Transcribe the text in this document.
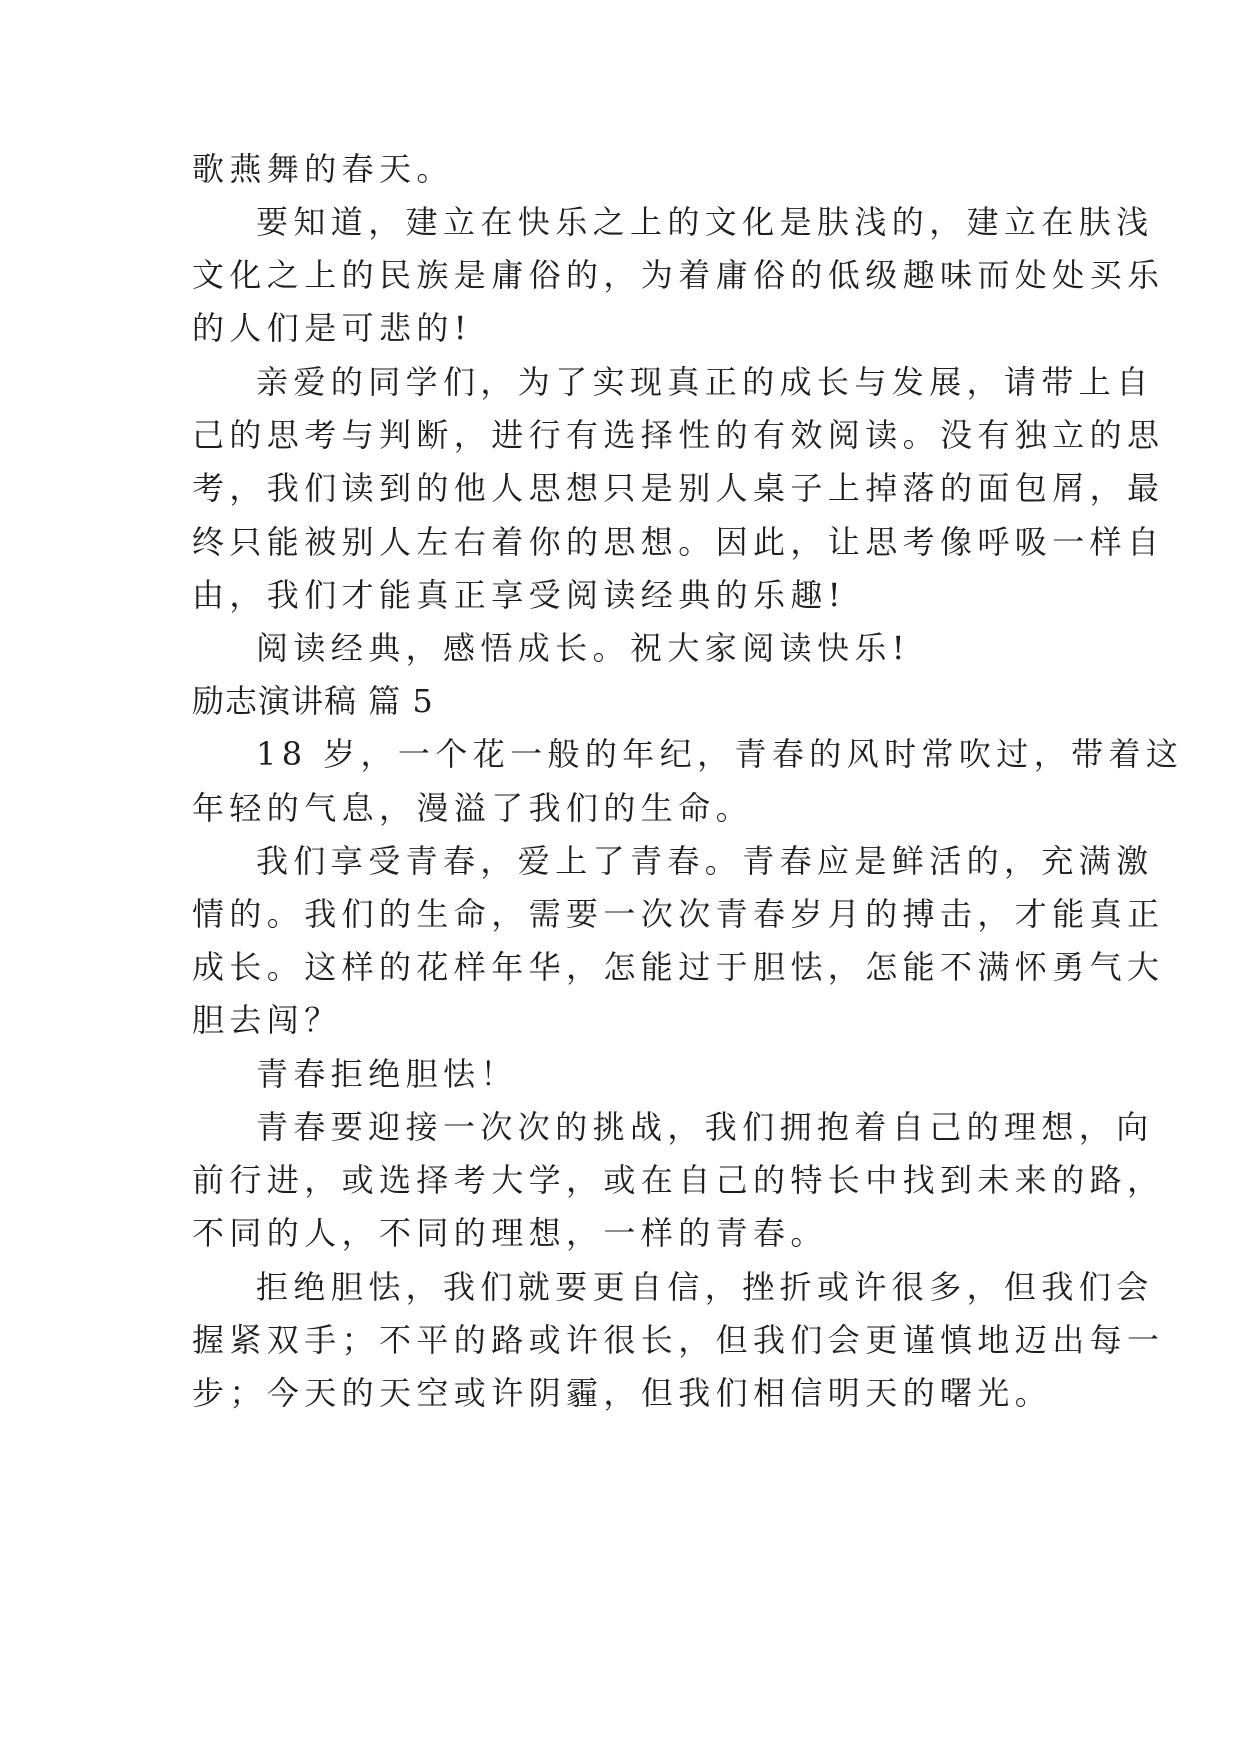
歌燕舞的春天。

要知道，建立在快乐之上的文化是肤浅的，建立在肤浅

文化之上的民族是庸俗的，为着庸俗的低级趣味而处处买乐

的人们是可悲的!

亲爱的同学们，为了实现真正的成长与发展，请带上自

己的思考与判断，进行有选择性的有效阅读。没有独立的思

考，我们读到的他人思想只是别人桌子上掉落的面包屑，最

终只能被别人左右着你的思想。因此，让思考像呼吸一样自

由，我们才能真正享受阅读经典的乐趣!

阅读经典，感悟成长。祝大家阅读快乐!

励志演讲稿 篇 5

18 岁，一个花一般的年纪，青春的风时常吹过，带着这

年轻的气息，漫溢了我们的生命。

我们享受青春，爱上了青春。青春应是鲜活的，充满激

情的。我们的生命，需要一次次青春岁月的搏击，才能真正

成长。这样的花样年华，怎能过于胆怯，怎能不满怀勇气大

胆去闯？

青春拒绝胆怯！

青春要迎接一次次的挑战，我们拥抱着自己的理想，向

前行进，或选择考大学，或在自己的特长中找到未来的路，

不同的人，不同的理想，一样的青春。

拒绝胆怯，我们就要更自信，挫折或许很多，但我们会

握紧双手；不平的路或许很长，但我们会更谨慎地迈出每一

步；今天的天空或许阴霾，但我们相信明天的曙光。
